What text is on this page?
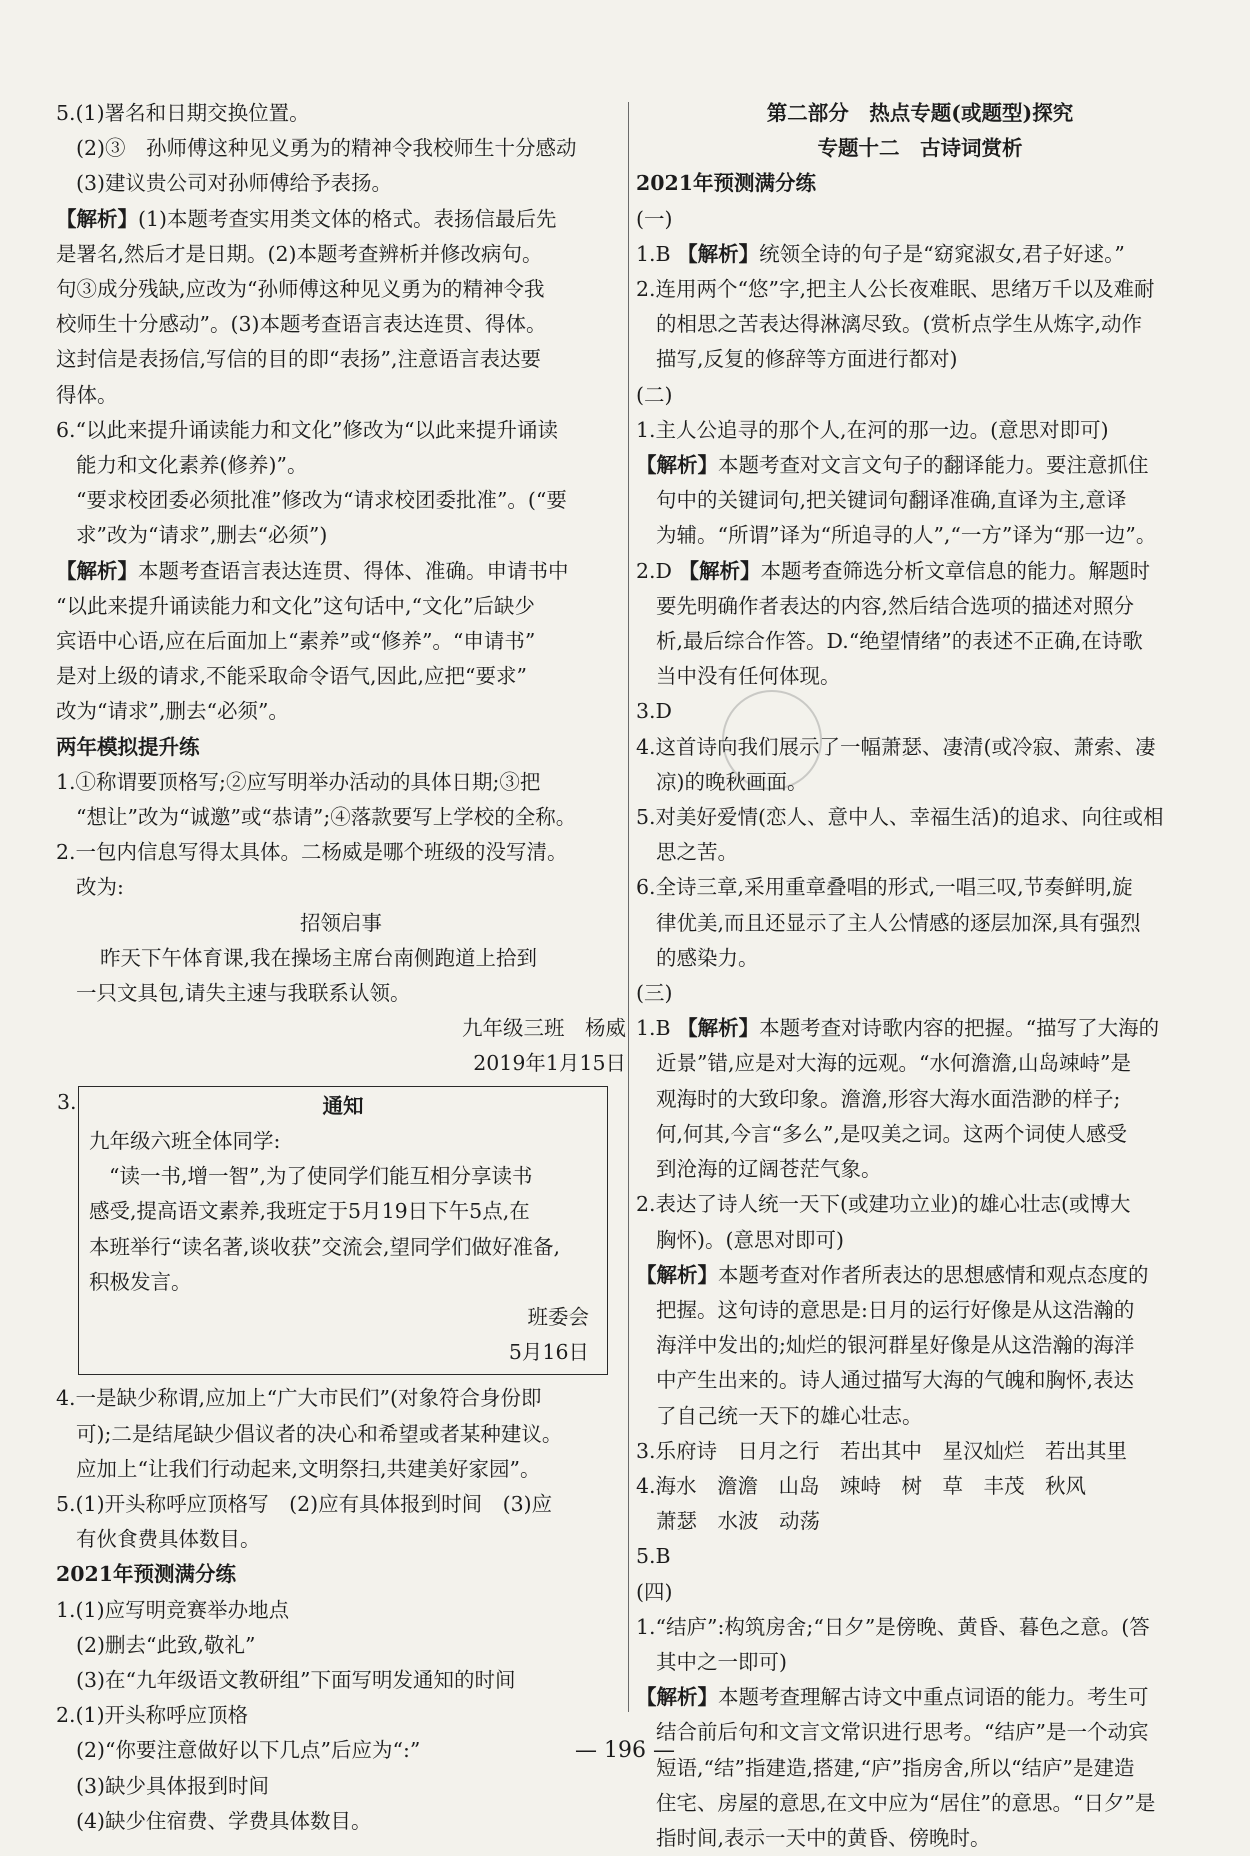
5.(1)署名和日期交换位置。
(2)③　孙师傅这种见义勇为的精神令我校师生十分感动
(3)建议贵公司对孙师傅给予表扬。
【解析】(1)本题考查实用类文体的格式。表扬信最后先
是署名,然后才是日期。(2)本题考查辨析并修改病句。
句③成分残缺,应改为“孙师傅这种见义勇为的精神令我
校师生十分感动”。(3)本题考查语言表达连贯、得体。
这封信是表扬信,写信的目的即“表扬”,注意语言表达要
得体。
6.“以此来提升诵读能力和文化”修改为“以此来提升诵读
能力和文化素养(修养)”。
“要求校团委必须批准”修改为“请求校团委批准”。(“要
求”改为“请求”,删去“必须”)
【解析】本题考查语言表达连贯、得体、准确。申请书中
“以此来提升诵读能力和文化”这句话中,“文化”后缺少
宾语中心语,应在后面加上“素养”或“修养”。“申请书”
是对上级的请求,不能采取命令语气,因此,应把“要求”
改为“请求”,删去“必须”。
两年模拟提升练
1.①称谓要顶格写;②应写明举办活动的具体日期;③把
“想让”改为“诚邀”或“恭请”;④落款要写上学校的全称。
2.一包内信息写得太具体。二杨威是哪个班级的没写清。
改为:
招领启事
昨天下午体育课,我在操场主席台南侧跑道上拾到
一只文具包,请失主速与我联系认领。
九年级三班　杨威
2019年1月15日
3.	通知
九年级六班全体同学:
“读一书,增一智”,为了使同学们能互相分享读书
感受,提高语文素养,我班定于5月19日下午5点,在
本班举行“读名著,谈收获”交流会,望同学们做好准备,
积极发言。
班委会
5月16日
4.一是缺少称谓,应加上“广大市民们”(对象符合身份即
可);二是结尾缺少倡议者的决心和希望或者某种建议。
应加上“让我们行动起来,文明祭扫,共建美好家园”。
5.(1)开头称呼应顶格写　(2)应有具体报到时间　(3)应
有伙食费具体数目。
2021年预测满分练
1.(1)应写明竞赛举办地点
(2)删去“此致,敬礼”
(3)在“九年级语文教研组”下面写明发通知的时间
2.(1)开头称呼应顶格
(2)“你要注意做好以下几点”后应为“:”
(3)缺少具体报到时间
(4)缺少住宿费、学费具体数目。
第二部分　热点专题(或题型)探究
专题十二　古诗词赏析
2021年预测满分练
(一)
1.B 【解析】统领全诗的句子是“窈窕淑女,君子好逑。”
2.连用两个“悠”字,把主人公长夜难眠、思绪万千以及难耐
的相思之苦表达得淋漓尽致。(赏析点学生从炼字,动作
描写,反复的修辞等方面进行都对)
(二)
1.主人公追寻的那个人,在河的那一边。(意思对即可)
【解析】本题考查对文言文句子的翻译能力。要注意抓住
句中的关键词句,把关键词句翻译准确,直译为主,意译
为辅。“所谓”译为“所追寻的人”,“一方”译为“那一边”。
2.D 【解析】本题考查筛选分析文章信息的能力。解题时
要先明确作者表达的内容,然后结合选项的描述对照分
析,最后综合作答。D.“绝望情绪”的表述不正确,在诗歌
当中没有任何体现。
3.D
4.这首诗向我们展示了一幅萧瑟、凄清(或冷寂、萧索、凄
凉)的晚秋画面。
5.对美好爱情(恋人、意中人、幸福生活)的追求、向往或相
思之苦。
6.全诗三章,采用重章叠唱的形式,一唱三叹,节奏鲜明,旋
律优美,而且还显示了主人公情感的逐层加深,具有强烈
的感染力。
(三)
1.B 【解析】本题考查对诗歌内容的把握。“描写了大海的
近景”错,应是对大海的远观。“水何澹澹,山岛竦峙”是
观海时的大致印象。澹澹,形容大海水面浩渺的样子;
何,何其,今言“多么”,是叹美之词。这两个词使人感受
到沧海的辽阔苍茫气象。
2.表达了诗人统一天下(或建功立业)的雄心壮志(或博大
胸怀)。(意思对即可)
【解析】本题考查对作者所表达的思想感情和观点态度的
把握。这句诗的意思是:日月的运行好像是从这浩瀚的
海洋中发出的;灿烂的银河群星好像是从这浩瀚的海洋
中产生出来的。诗人通过描写大海的气魄和胸怀,表达
了自己统一天下的雄心壮志。
3.乐府诗　日月之行　若出其中　星汉灿烂　若出其里
4.海水　澹澹　山岛　竦峙　树　草　丰茂　秋风
萧瑟　水波　动荡
5.B
(四)
1.“结庐”:构筑房舍;“日夕”是傍晚、黄昏、暮色之意。(答
其中之一即可)
【解析】本题考查理解古诗文中重点词语的能力。考生可
结合前后句和文言文常识进行思考。“结庐”是一个动宾
短语,“结”指建造,搭建,“庐”指房舍,所以“结庐”是建造
住宅、房屋的意思,在文中应为“居住”的意思。“日夕”是
指时间,表示一天中的黄昏、傍晚时。
— 196 —
